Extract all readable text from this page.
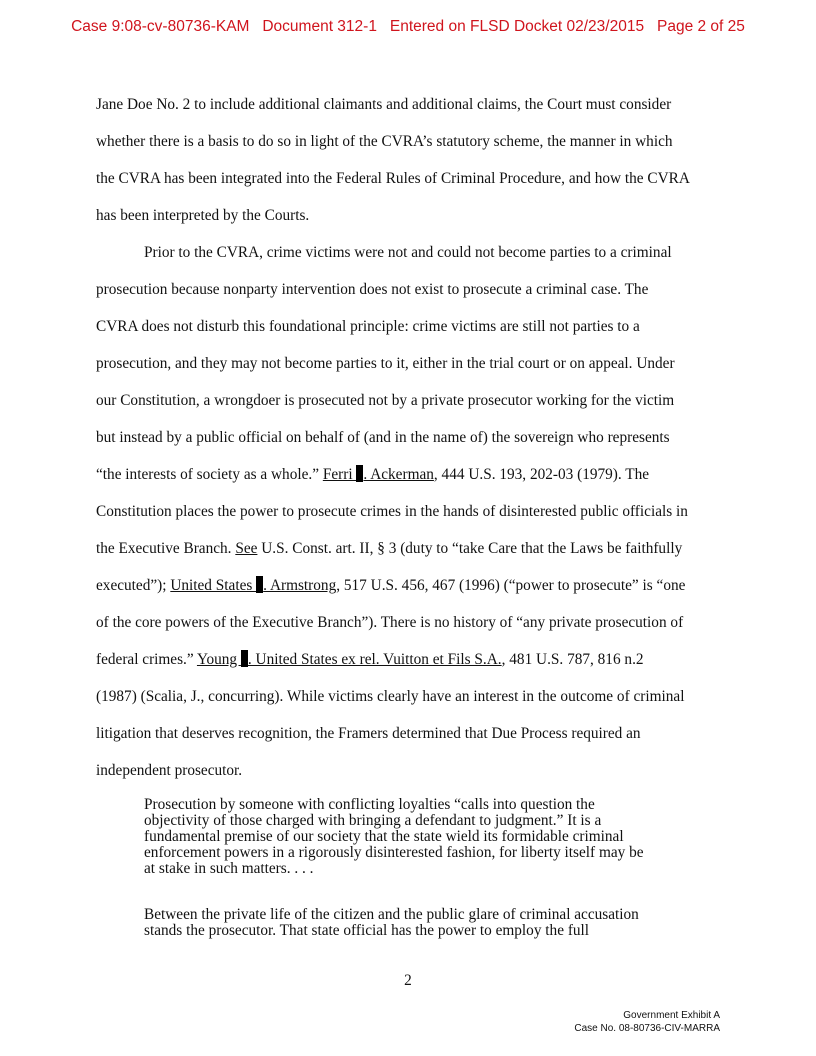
Case 9:08-cv-80736-KAM   Document 312-1   Entered on FLSD Docket 02/23/2015   Page 2 of 25
Jane Doe No. 2 to include additional claimants and additional claims, the Court must consider
whether there is a basis to do so in light of the CVRA’s statutory scheme, the manner in which
the CVRA has been integrated into the Federal Rules of Criminal Procedure, and how the CVRA
has been interpreted by the Courts.
Prior to the CVRA, crime victims were not and could not become parties to a criminal
prosecution because nonparty intervention does not exist to prosecute a criminal case. The
CVRA does not disturb this foundational principle: crime victims are still not parties to a
prosecution, and they may not become parties to it, either in the trial court or on appeal. Under
our Constitution, a wrongdoer is prosecuted not by a private prosecutor working for the victim
but instead by a public official on behalf of (and in the name of) the sovereign who represents
“the interests of society as a whole.” Ferri . Ackerman, 444 U.S. 193, 202-03 (1979). The
Constitution places the power to prosecute crimes in the hands of disinterested public officials in
the Executive Branch. See U.S. Const. art. II, § 3 (duty to “take Care that the Laws be faithfully
executed”); United States . Armstrong, 517 U.S. 456, 467 (1996) (“power to prosecute” is “one
of the core powers of the Executive Branch”). There is no history of “any private prosecution of
federal crimes.” Young . United States ex rel. Vuitton et Fils S.A., 481 U.S. 787, 816 n.2
(1987) (Scalia, J., concurring). While victims clearly have an interest in the outcome of criminal
litigation that deserves recognition, the Framers determined that Due Process required an
independent prosecutor.
Prosecution by someone with conflicting loyalties “calls into question the
objectivity of those charged with bringing a defendant to judgment.” It is a
fundamental premise of our society that the state wield its formidable criminal
enforcement powers in a rigorously disinterested fashion, for liberty itself may be
at stake in such matters. . . .
Between the private life of the citizen and the public glare of criminal accusation
stands the prosecutor. That state official has the power to employ the full
2
Government Exhibit A
Case No. 08-80736-CIV-MARRA
